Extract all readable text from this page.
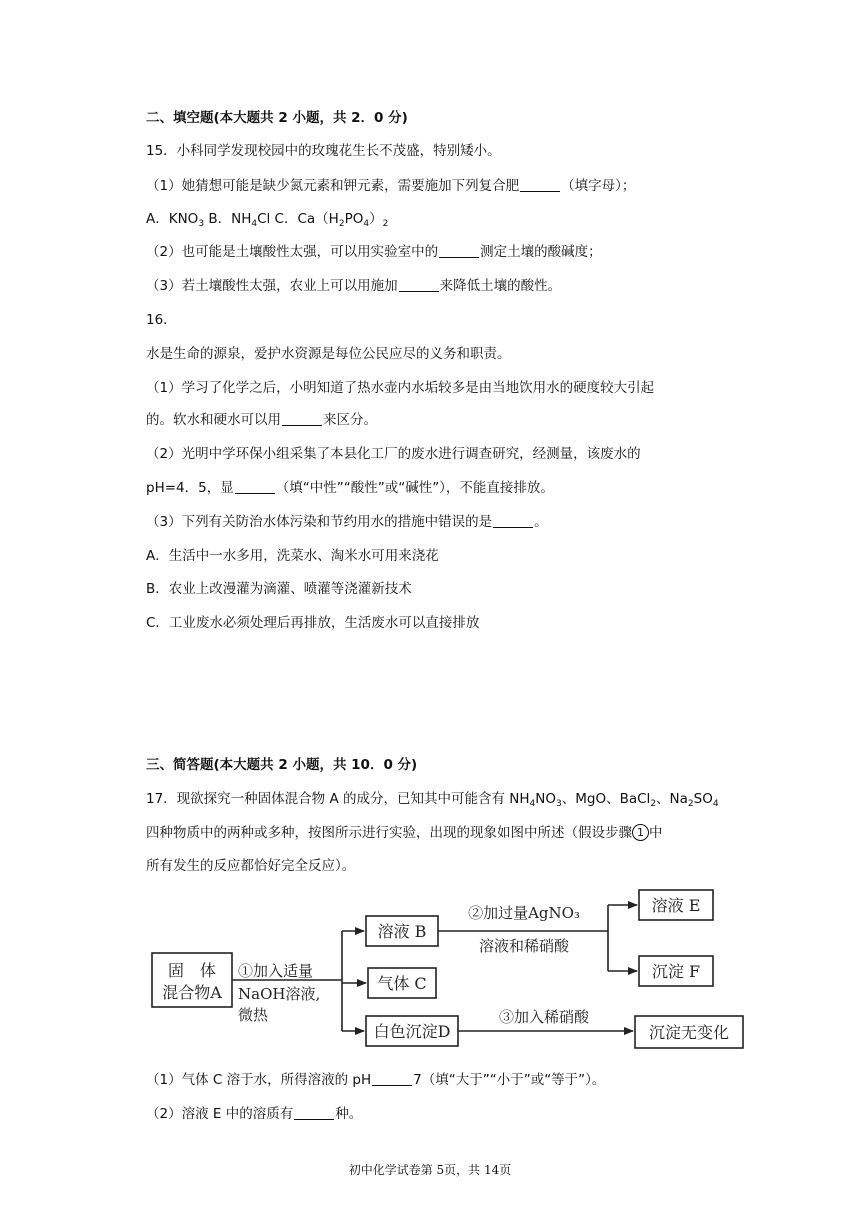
二、填空题(本大题共 2 小题，共 2．0 分)
15．小科同学发现校园中的玫瑰花生长不茂盛，特别矮小。
（1）她猜想可能是缺少氮元素和钾元素，需要施加下列复合肥	（填字母）；
A．$KNO_3$ B．$NH_4Cl$ C．$Ca(H_2PO_4)_2$
（2）也可能是土壤酸性太强，可以用实验室中的	测定土壤的酸碱度；
（3）若土壤酸性太强，农业上可以用施加	来降低土壤的酸性。
16．
水是生命的源泉，爱护水资源是每位公民应尽的义务和职责。
（1）学习了化学之后，小明知道了热水壶内水垢较多是由当地饮用水的硬度较大引起
的。软水和硬水可以用	来区分。
（2）光明中学环保小组采集了本县化工厂的废水进行调查研究，经测量，该废水的
pH=4．5，显	（填“中性”“酸性”或“碱性”），不能直接排放。
（3）下列有关防治水体污染和节约用水的措施中错误的是	。
A．生活中一水多用，洗菜水、淘米水可用来浇花
B．农业上改漫灌为滴灌、喷灌等浇灌新技术
C．工业废水必须处理后再排放，生活废水可以直接排放
三、简答题(本大题共 2 小题，共 10．0 分)
17．现欲探究一种固体混合物 A 的成分，已知其中可能含有 $NH_4NO_3$、MgO、BaCl$_2$、$Na_2SO_4$
四种物质中的两种或多种，按图所示进行实验，出现的现象如图中所述（假设步骤 1 中
所有发生的反应都恰好完全反应）。
固　体
混合物A
①加入适量
NaOH溶液,
微热
溶液 B
气体 C
白色沉淀D
②加过量AgNO₃
溶液和稀硝酸
③加入稀硝酸
溶液 E
沉淀 F
沉淀无变化
（1）气体 C 溶于水，所得溶液的 pH	7（填“大于”“小于”或“等于”）。
（2）溶液 E 中的溶质有	种。
初中化学试卷第 5页，共 14页
